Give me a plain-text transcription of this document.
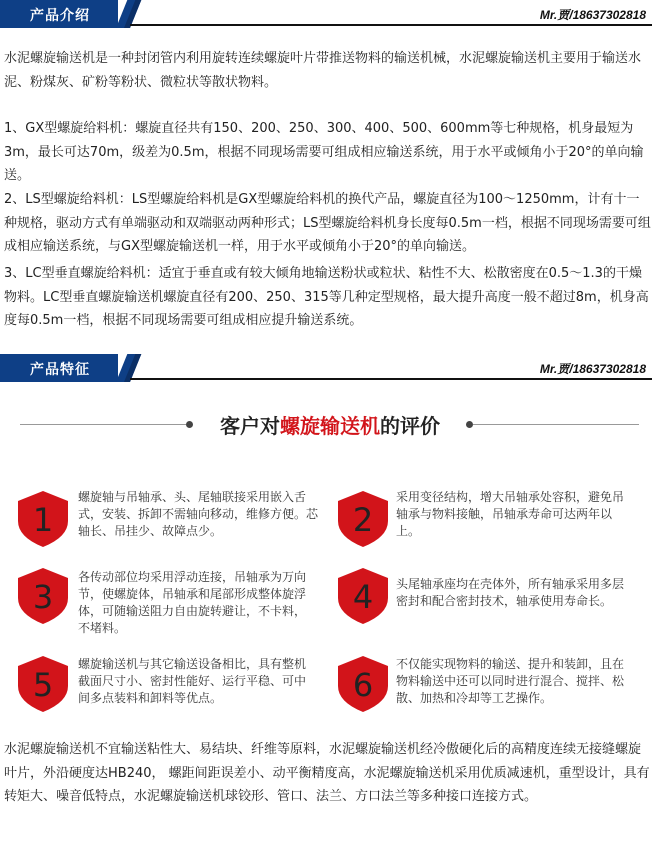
产品介绍	Mr.贾/18637302818

水泥螺旋输送机是一种封闭管内利用旋转连续螺旋叶片带推送物料的输送机械，水泥螺旋输送机主要用于输送水泥、粉煤灰、矿粉等粉状、微粒状等散状物料。

1、GX型螺旋给料机：螺旋直径共有150、200、250、300、400、500、600mm等七种规格，机身最短为3m，最长可达70m，级差为0.5m，根据不同现场需要可组成相应输送系统，用于水平或倾角小于20°的单向输送。

2、LS型螺旋给料机：LS型螺旋给料机是GX型螺旋给料机的换代产品，螺旋直径为100～1250mm，计有十一种规格，驱动方式有单端驱动和双端驱动两种形式；LS型螺旋给料机身长度每0.5m一档，根据不同现场需要可组成相应输送系统，与GX型螺旋输送机一样，用于水平或倾角小于20°的单向输送。

3、LC型垂直螺旋给料机：适宜于垂直或有较大倾角地输送粉状或粒状、粘性不大、松散密度在0.5～1.3的干燥物料。LC型垂直螺旋输送机螺旋直径有200、250、315等几种定型规格，最大提升高度一般不超过8m，机身高度每0.5m一档，根据不同现场需要可组成相应提升输送系统。

产品特征	Mr.贾/18637302818
客户对螺旋输送机的评价
1

螺旋轴与吊轴承、头、尾轴联接采用嵌入舌式，安装、拆卸不需轴向移动，维修方便。芯轴长、吊挂少、故障点少。	2

采用变径结构，增大吊轴承处容积，避免吊轴承与物料接触，吊轴承寿命可达两年以上。

3

各传动部位均采用浮动连接，吊轴承为万向节，使螺旋体，吊轴承和尾部形成整体旋浮体，可随输送阻力自由旋转避让，不卡料，不堵料。

4 头尾轴承座均在壳体外，所有轴承采用多层密封和配合密封技术，轴承使用寿命长。

5

螺旋输送机与其它输送设备相比，具有整机截面尺寸小、密封性能好、运行平稳、可中间多点装料和卸料等优点。	6

不仅能实现物料的输送、提升和装卸，且在物料输送中还可以同时进行混合、搅拌、松散、加热和冷却等工艺操作。

水泥螺旋输送机不宜输送粘性大、易结块、纤维等原料，水泥螺旋输送机经冷傲硬化后的高精度连续无接缝螺旋叶片，外沿硬度达HB240， 螺距间距误差小、动平衡精度高，水泥螺旋输送机采用优质减速机，重型设计，具有转矩大、噪音低特点，水泥螺旋输送机球铰形、管口、法兰、方口法兰等多种接口连接方式。
